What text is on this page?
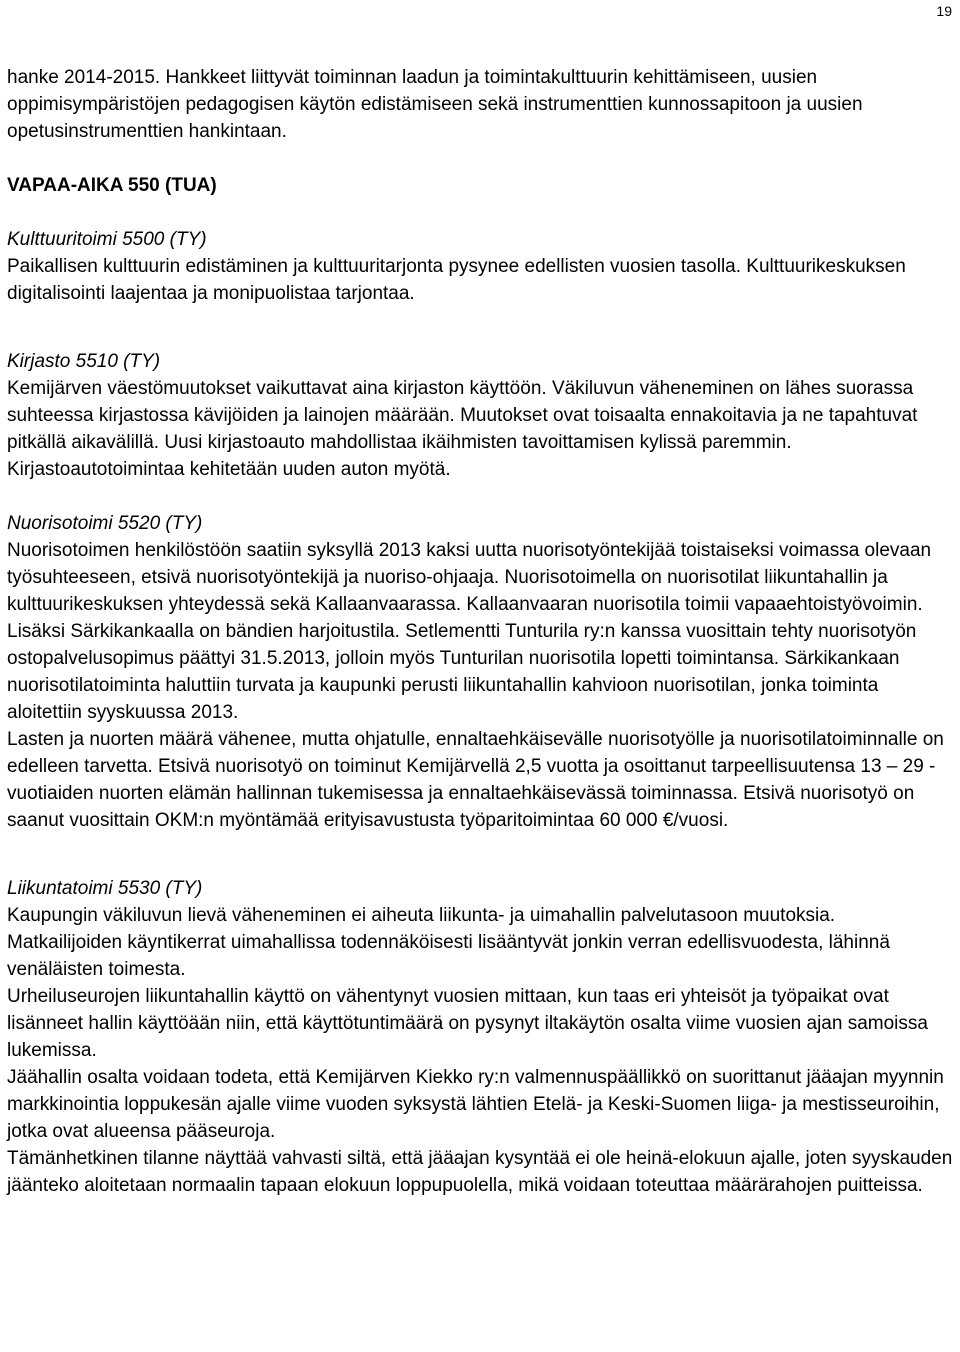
19

hanke 2014-2015. Hankkeet liittyvät toiminnan laadun ja toimintakulttuurin kehittämiseen, uusien oppimisympäristöjen pedagogisen käytön edistämiseen sekä instrumenttien kunnossapitoon ja uusien opetusinstrumenttien hankintaan.

VAPAA-AIKA 550 (TUA)

Kulttuuritoimi 5500 (TY)

Paikallisen kulttuurin edistäminen ja kulttuuritarjonta pysynee edellisten vuosien tasolla. Kulttuurikeskuksen digitalisointi laajentaa ja monipuolistaa tarjontaa.

Kirjasto 5510 (TY)

Kemijärven väestömuutokset vaikuttavat aina kirjaston käyttöön. Väkiluvun väheneminen on lähes suorassa suhteessa kirjastossa kävijöiden ja lainojen määrään. Muutokset ovat toisaalta ennakoitavia ja ne tapahtuvat pitkällä aikavälillä. Uusi kirjastoauto mahdollistaa ikäihmisten tavoittamisen kylissä paremmin. Kirjastoautotoimintaa kehitetään uuden auton myötä.

Nuorisotoimi 5520 (TY)

Nuorisotoimen henkilöstöön saatiin syksyllä 2013 kaksi uutta nuorisotyöntekijää toistaiseksi voimassa olevaan työsuhteeseen, etsivä nuorisotyöntekijä ja nuoriso-ohjaaja. Nuorisotoimella on nuorisotilat liikuntahallin ja kulttuurikeskuksen yhteydessä sekä Kallaanvaarassa. Kallaanvaaran nuorisotila toimii vapaaehtoistyövoimin. Lisäksi Särkikankaalla on bändien harjoitustila. Setlementti Tunturila ry:n kanssa vuosittain tehty nuorisotyön ostopalvelusopimus päättyi 31.5.2013, jolloin myös Tunturilan nuorisotila lopetti toimintansa. Särkikankaan nuorisotilatoiminta haluttiin turvata ja kaupunki perusti liikuntahallin kahvioon nuorisotilan, jonka toiminta aloitettiin syyskuussa 2013.

Lasten ja nuorten määrä vähenee, mutta ohjatulle, ennaltaehkäisevälle nuorisotyölle ja nuorisotilatoiminnalle on edelleen tarvetta. Etsivä nuorisotyö on toiminut Kemijärvellä 2,5 vuotta ja osoittanut tarpeellisuutensa 13 – 29 -vuotiaiden nuorten elämän hallinnan tukemisessa ja ennaltaehkäisevässä toiminnassa. Etsivä nuorisotyö on saanut vuosittain OKM:n myöntämää erityisavustusta työparitoimintaa 60 000 €/vuosi.

Liikuntatoimi 5530 (TY)

Kaupungin väkiluvun lievä väheneminen ei aiheuta liikunta- ja uimahallin palvelutasoon muutoksia. Matkailijoiden käyntikerrat uimahallissa todennäköisesti lisääntyvät jonkin verran edellisvuodesta, lähinnä venäläisten toimesta.

Urheiluseurojen liikuntahallin käyttö on vähentynyt vuosien mittaan, kun taas eri yhteisöt ja työpaikat ovat lisänneet hallin käyttöään niin, että käyttötuntimäärä on pysynyt iltakäytön osalta viime vuosien ajan samoissa lukemissa.

Jäähallin osalta voidaan todeta, että Kemijärven Kiekko ry:n valmennuspäällikkö on suorittanut jääajan myynnin markkinointia loppukesän ajalle viime vuoden syksystä lähtien Etelä- ja Keski-Suomen liiga- ja mestisseuroihin, jotka ovat alueensa pääseuroja.

Tämänhetkinen tilanne näyttää vahvasti siltä, että jääajan kysyntää ei ole heinä-elokuun ajalle, joten syyskauden jäänteko aloitetaan normaalin tapaan elokuun loppupuolella, mikä voidaan toteuttaa määrärahojen puitteissa.
